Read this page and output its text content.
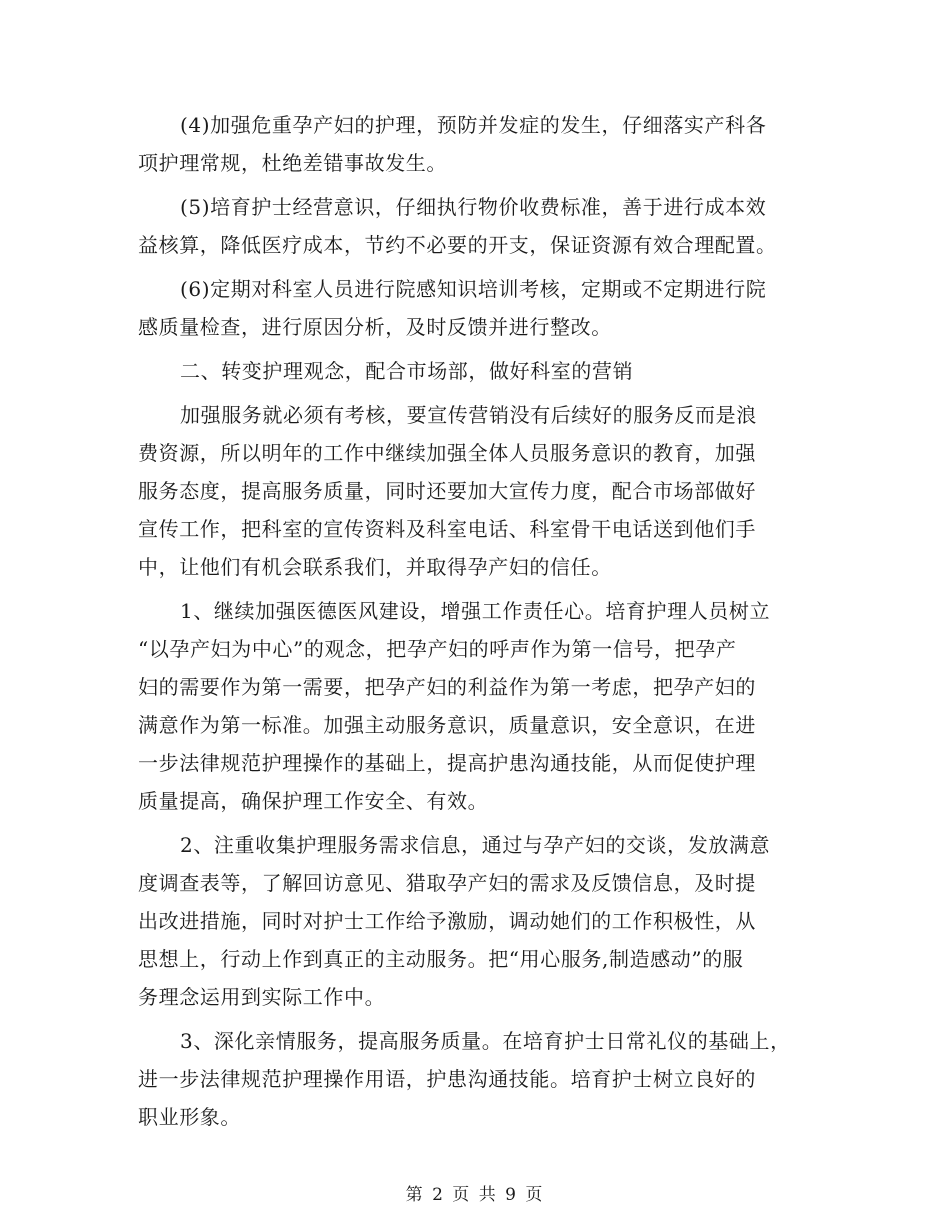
(4)加强危重孕产妇的护理，预防并发症的发生，仔细落实产科各
项护理常规，杜绝差错事故发生。
(5)培育护士经营意识，仔细执行物价收费标准，善于进行成本效
益核算，降低医疗成本，节约不必要的开支，保证资源有效合理配置。
(6)定期对科室人员进行院感知识培训考核，定期或不定期进行院
感质量检查，进行原因分析，及时反馈并进行整改。
二、转变护理观念，配合市场部，做好科室的营销
加强服务就必须有考核，要宣传营销没有后续好的服务反而是浪
费资源，所以明年的工作中继续加强全体人员服务意识的教育，加强
服务态度，提高服务质量，同时还要加大宣传力度，配合市场部做好
宣传工作，把科室的宣传资料及科室电话、科室骨干电话送到他们手
中，让他们有机会联系我们，并取得孕产妇的信任。
1、继续加强医德医风建设，增强工作责任心。培育护理人员树立
“以孕产妇为中心”的观念，把孕产妇的呼声作为第一信号，把孕产
妇的需要作为第一需要，把孕产妇的利益作为第一考虑，把孕产妇的
满意作为第一标准。加强主动服务意识，质量意识，安全意识，在进
一步法律规范护理操作的基础上，提高护患沟通技能，从而促使护理
质量提高，确保护理工作安全、有效。
2、注重收集护理服务需求信息，通过与孕产妇的交谈，发放满意
度调查表等，了解回访意见、猎取孕产妇的需求及反馈信息，及时提
出改进措施，同时对护士工作给予激励，调动她们的工作积极性，从
思想上，行动上作到真正的主动服务。把“用心服务,制造感动”的服
务理念运用到实际工作中。
3、深化亲情服务，提高服务质量。在培育护士日常礼仪的基础上，
进一步法律规范护理操作用语，护患沟通技能。培育护士树立良好的
职业形象。
第 2 页 共 9 页
